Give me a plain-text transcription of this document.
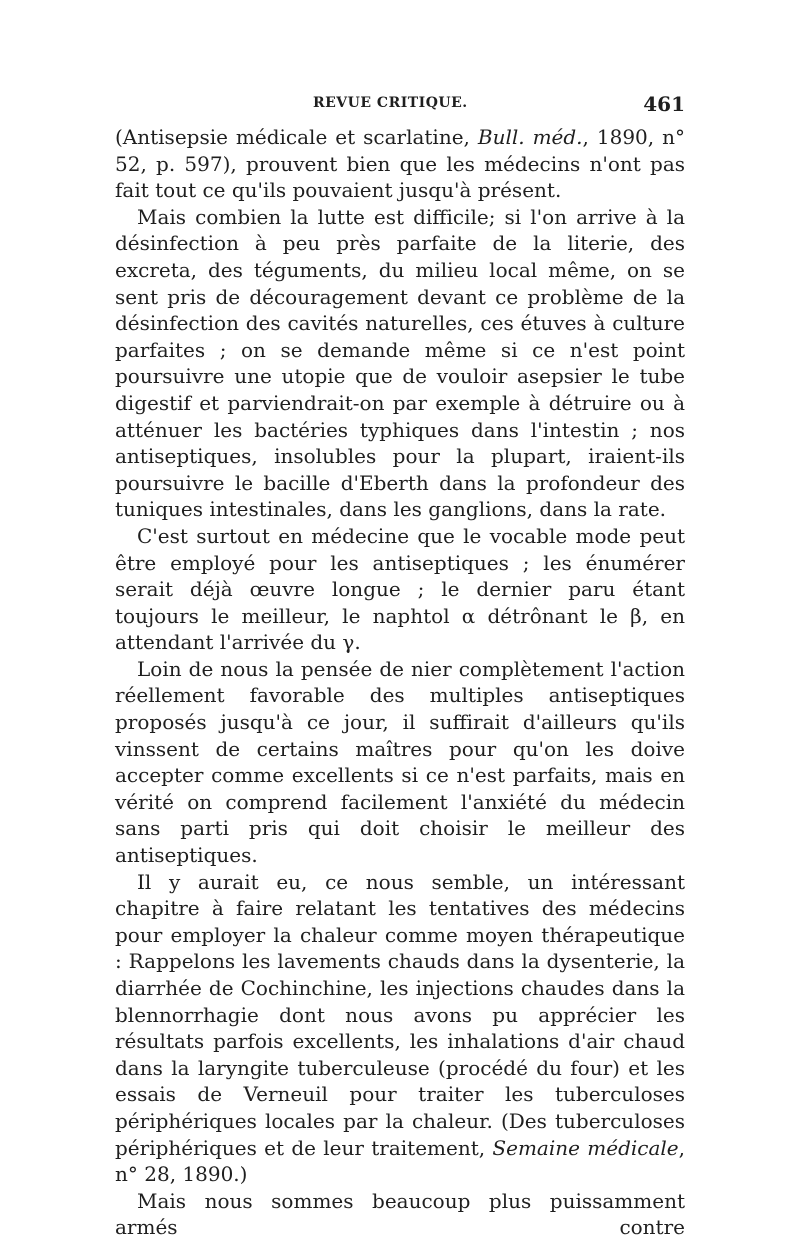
REVUE CRITIQUE.	461

(Antisepsie médicale et scarlatine, Bull. méd., 1890, n° 52, p. 597), prouvent bien que les médecins n'ont pas fait tout ce qu'ils pouvaient jusqu'à présent.

Mais combien la lutte est difficile; si l'on arrive à la désinfection à peu près parfaite de la literie, des excreta, des téguments, du milieu local même, on se sent pris de découragement devant ce problème de la désinfection des cavités naturelles, ces étuves à culture parfaites ; on se demande même si ce n'est point poursuivre une utopie que de vouloir asepsier le tube digestif et parviendrait-on par exemple à détruire ou à atténuer les bactéries typhiques dans l'intestin ; nos antiseptiques, insolubles pour la plupart, iraient-ils poursuivre le bacille d'Eberth dans la profondeur des tuniques intestinales, dans les ganglions, dans la rate.

C'est surtout en médecine que le vocable mode peut être employé pour les antiseptiques ; les énumérer serait déjà œuvre longue ; le dernier paru étant toujours le meilleur, le naphtol α détrônant le β, en attendant l'arrivée du γ.

Loin de nous la pensée de nier complètement l'action réellement favorable des multiples antiseptiques proposés jusqu'à ce jour, il suffirait d'ailleurs qu'ils vinssent de certains maîtres pour qu'on les doive accepter comme excellents si ce n'est parfaits, mais en vérité on comprend facilement l'anxiété du médecin sans parti pris qui doit choisir le meilleur des antiseptiques.

Il y aurait eu, ce nous semble, un intéressant chapitre à faire relatant les tentatives des médecins pour employer la chaleur comme moyen thérapeutique : Rappelons les lavements chauds dans la dysenterie, la diarrhée de Cochinchine, les injections chaudes dans la blennorrhagie dont nous avons pu apprécier les résultats parfois excellents, les inhalations d'air chaud dans la laryngite tuberculeuse (procédé du four) et les essais de Verneuil pour traiter les tuberculoses périphériques locales par la chaleur. (Des tuberculoses périphériques et de leur traitement, Semaine médicale, n° 28, 1890.)

Mais nous sommes beaucoup plus puissamment armés contre
